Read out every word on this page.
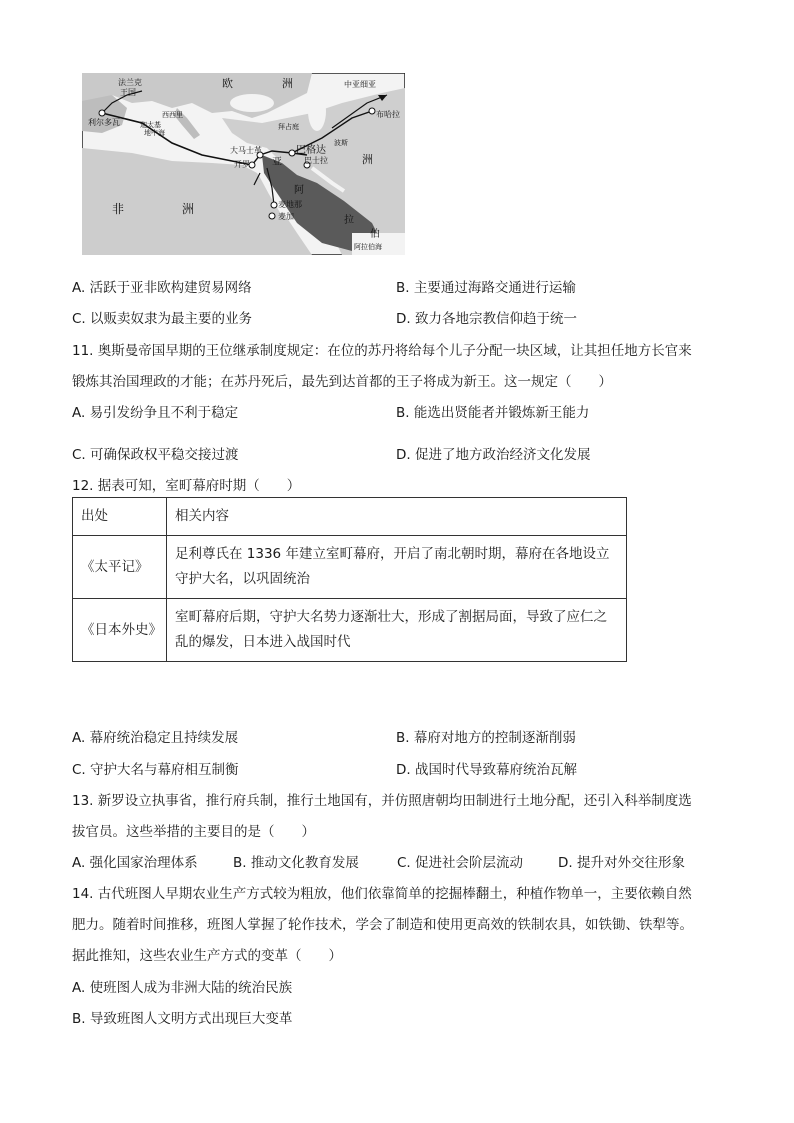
法兰克
王国
欧	洲
利尔多瓦
中亚细亚
布哈拉
大马士革	巴格达
巴士拉
开罗
麦地那
麦加
非	洲
亚	洲
阿拉伯海
拉
阿
伯
波斯
地中海
迦太基
西西里
拜占庭
A. 活跃于亚非欧构建贸易网络	B. 主要通过海路交通进行运输
C. 以贩卖奴隶为最主要的业务	D. 致力各地宗教信仰趋于统一
11. 奥斯曼帝国早期的王位继承制度规定：在位的苏丹将给每个儿子分配一块区域，让其担任地方长官来
锻炼其治国理政的才能；在苏丹死后，最先到达首都的王子将成为新王。这一规定（　　）
A. 易引发纷争且不利于稳定	B. 能选出贤能者并锻炼新王能力
C. 可确保政权平稳交接过渡	D. 促进了地方政治经济文化发展
12. 据表可知，室町幕府时期（　　）
出处	相关内容
《太平记》	足利尊氏在 1336 年建立室町幕府，开启了南北朝时期，幕府在各地设立守护大名，以巩固统治
《日本外史》	室町幕府后期，守护大名势力逐渐壮大，形成了割据局面，导致了应仁之乱的爆发，日本进入战国时代
A. 幕府统治稳定且持续发展	B. 幕府对地方的控制逐渐削弱
C. 守护大名与幕府相互制衡	D. 战国时代导致幕府统治瓦解
13. 新罗设立执事省，推行府兵制，推行土地国有，并仿照唐朝均田制进行土地分配，还引入科举制度选
拔官员。这些举措的主要目的是（　　）
A. 强化国家治理体系	B. 推动文化教育发展	C. 促进社会阶层流动	D. 提升对外交往形象
14. 古代班图人早期农业生产方式较为粗放，他们依靠简单的挖掘棒翻土，种植作物单一，主要依赖自然
肥力。随着时间推移，班图人掌握了轮作技术，学会了制造和使用更高效的铁制农具，如铁锄、铁犁等。
据此推知，这些农业生产方式的变革（　　）
A. 使班图人成为非洲大陆的统治民族
B. 导致班图人文明方式出现巨大变革
